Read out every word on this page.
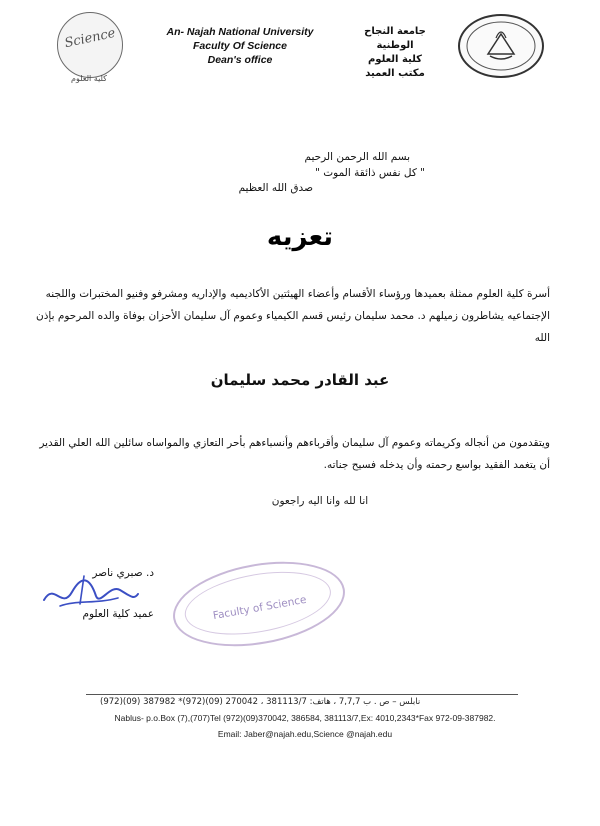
Science
كلية العلوم
An- Najah National University
Faculty Of Science
Dean's office
جامعة النجاح الوطنية
كلية العلوم
مكتب العميد
بسم الله الرحمن الرحيم
" كل نفس ذائقة الموت "
صدق الله العظيم
تعزيه
أسرة كلية العلوم ممثلة بعميدها ورؤساء الأقسام وأعضاء الهيئتين الأكاديميه والإداريه ومشرفو وفنيو المختبرات واللجنه الإجتماعيه يشاطرون زميلهم د. محمد سليمان رئيس قسم الكيمياء وعموم آل سليمان الأحزان بوفاة والده المرحوم بإذن الله
عبد القادر محمد سليمان
ويتقدمون من أنجاله وكريماته وعموم آل سليمان وأقرباءهم وأنسباءهم بأحر التعازي والمواساه سائلين الله العلي القدير أن يتغمد الفقيد بواسع رحمته وأن يدخله فسيح جناته.
انا لله وانا اليه راجعون
د. صبري ناصر
عميد كلية العلوم	Faculty of Science
نابلس – ص . ب 7,7,7 ، هاتف: 381113/7 ، 270042 (09)(972)* 387982 (09)(972)
Nablus- p.o.Box (7),(707)Tel (972)(09)370042, 386584, 381113/7,Ex: 4010,2343*Fax 972-09-387982.
Email: Jaber@najah.edu,Science @najah.edu
